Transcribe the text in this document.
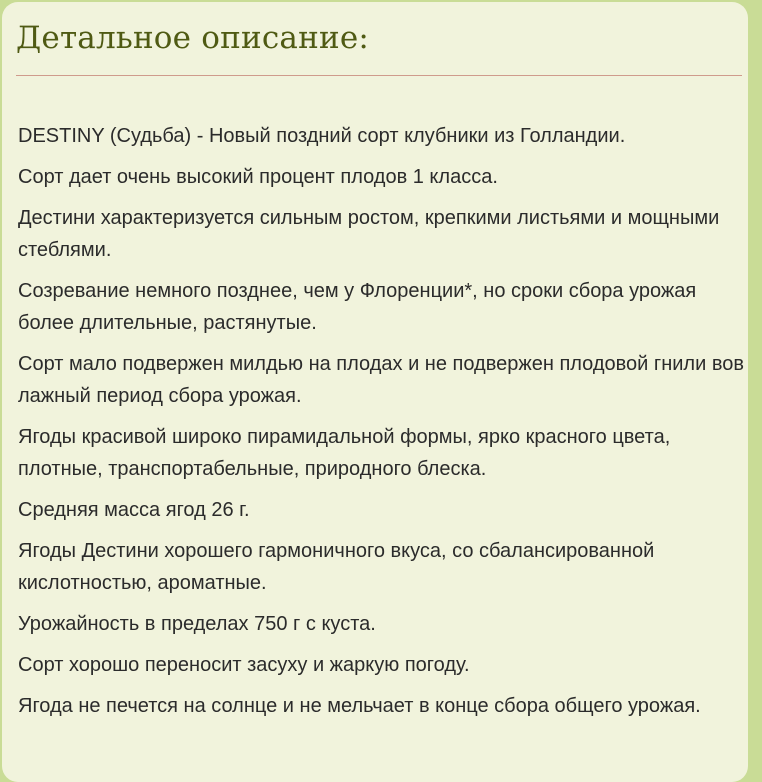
Детальное описание:

DESTINY (Судьба) - Новый поздний сорт клубники из Голландии.

Сорт дает очень высокий процент плодов 1 класса.

Дестини характеризуется сильным ростом, крепкими листьями и мощными стеблями.

Созревание немного позднее, чем у Флоренции*, но сроки сбора урожая более длительные, растянутые.

Сорт мало подвержен милдью на плодах и не подвержен плодовой гнили вов лажный период сбора урожая.

Ягоды красивой широко пирамидальной формы, ярко красного цвета, плотные, транспортабельные, природного блеска.

Средняя масса ягод 26 г.

Ягоды Дестини хорошего гармоничного вкуса, со сбалансированной кислотностью, ароматные.

Урожайность в пределах 750 г с куста.

Сорт хорошо переносит засуху и жаркую погоду.

Ягода не печется на солнце и не мельчает в конце сбора общего урожая.
